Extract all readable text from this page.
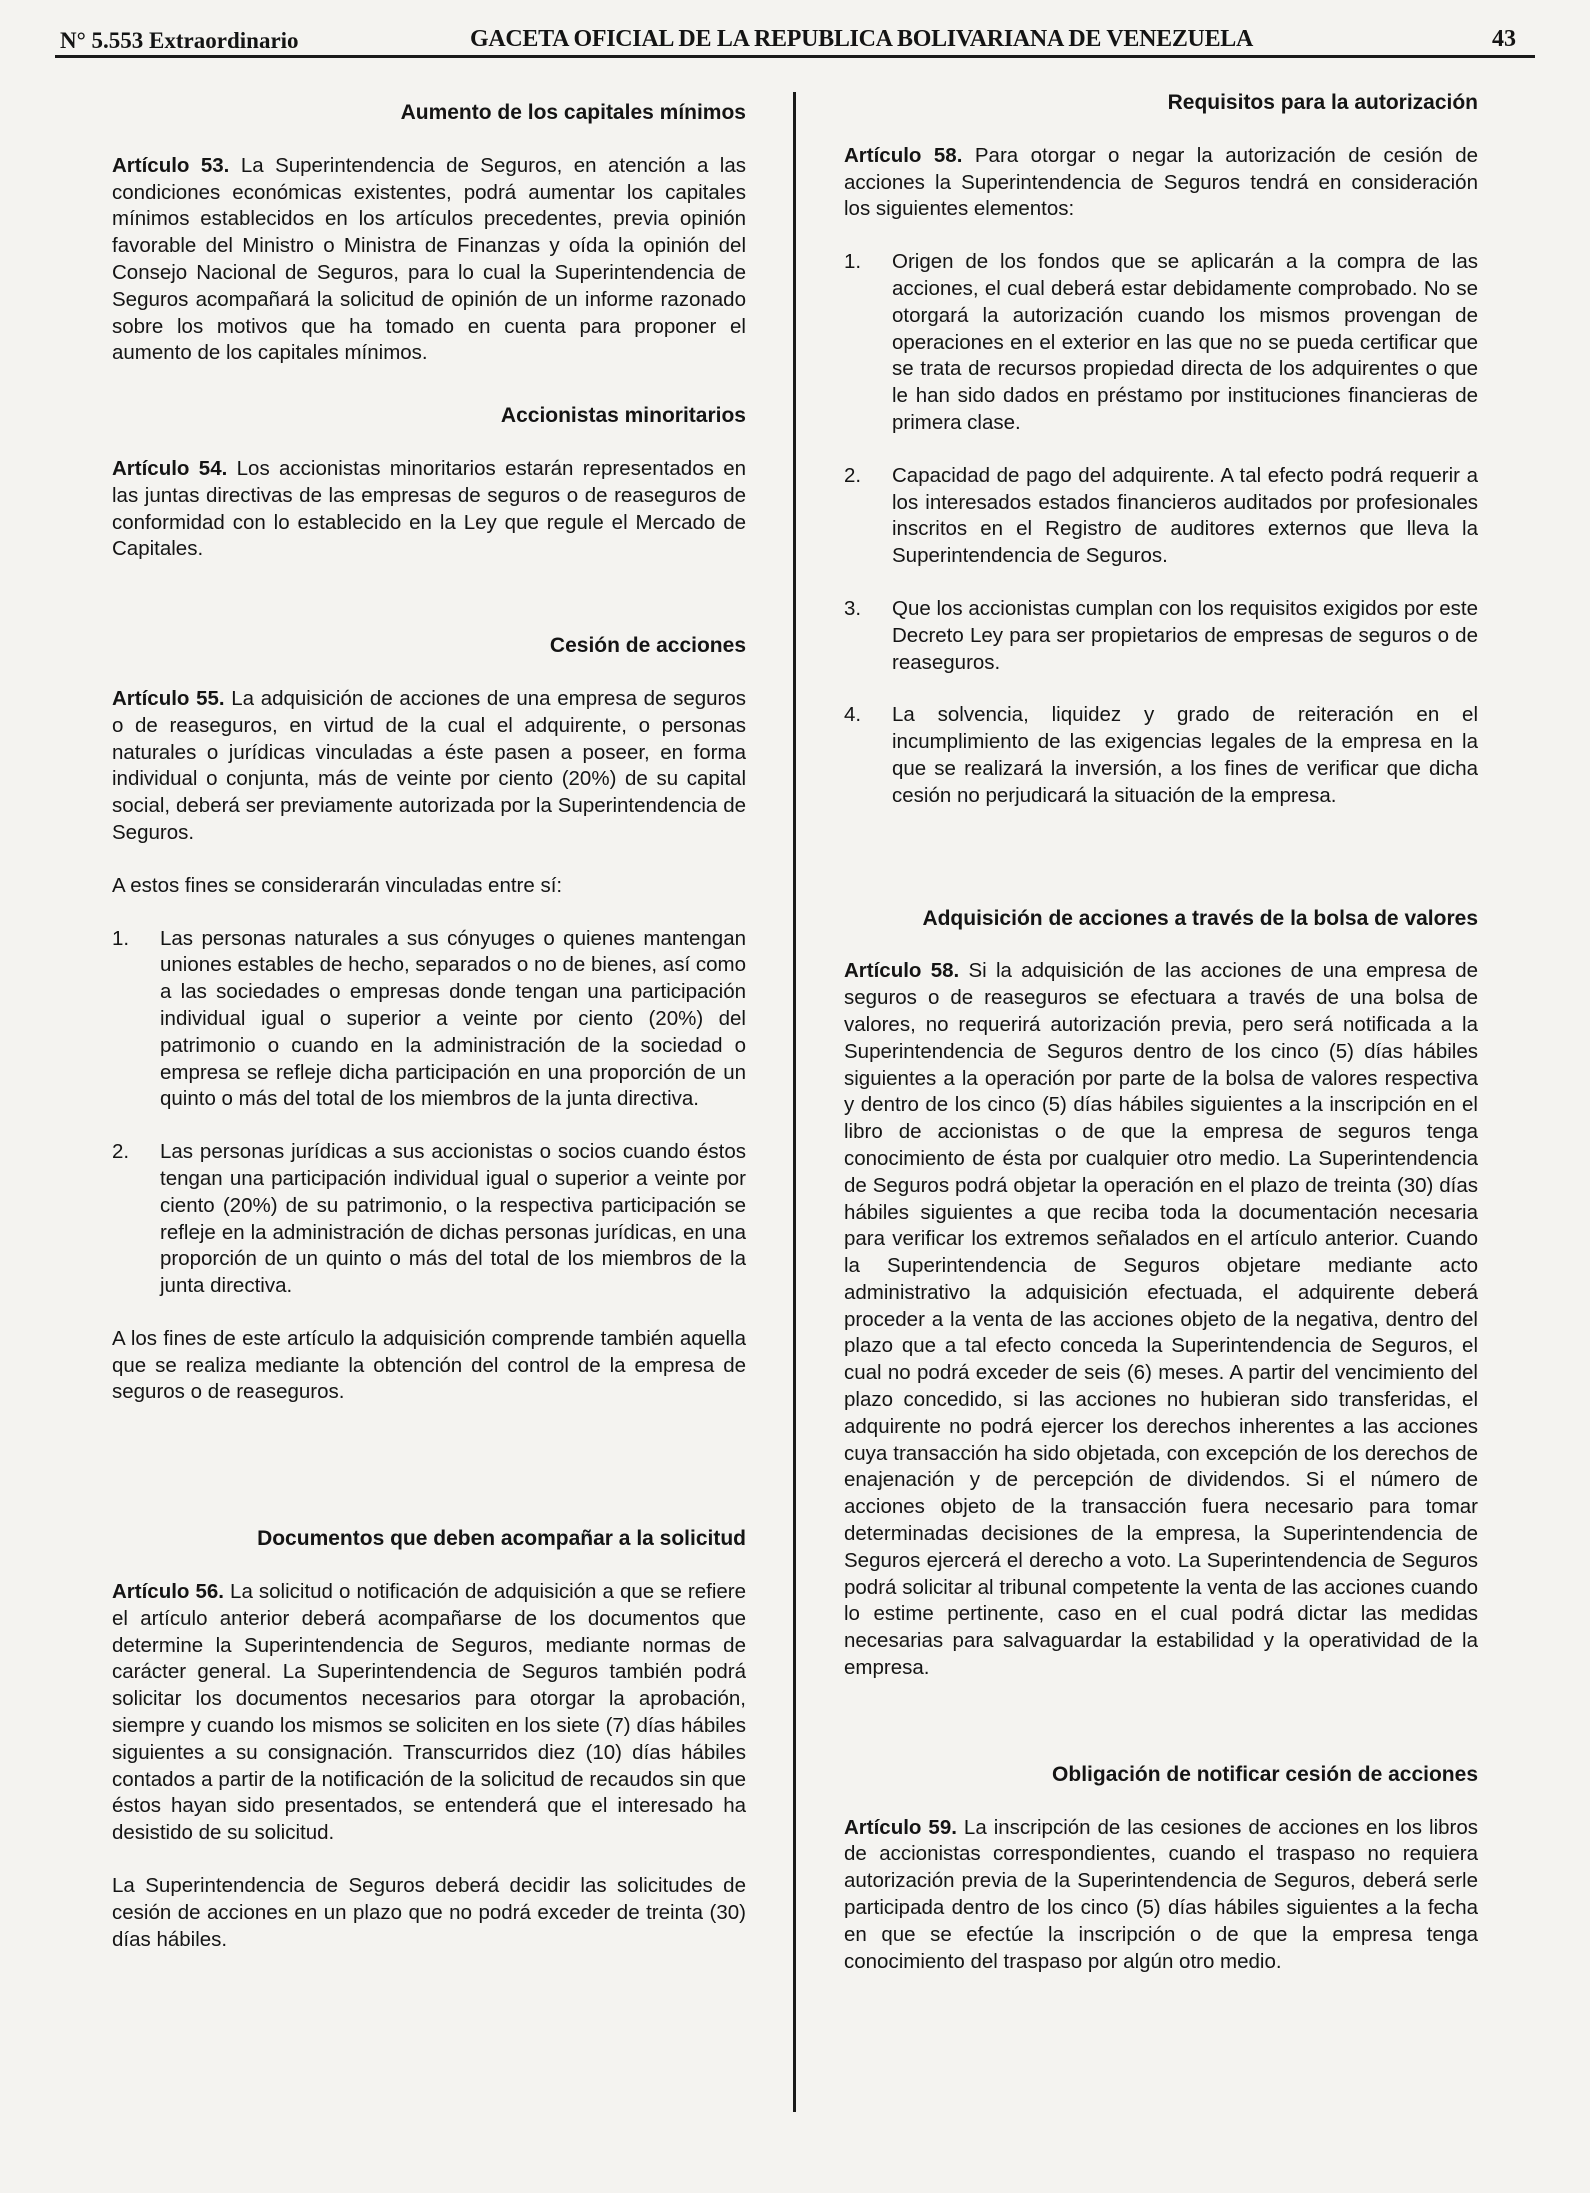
N° 5.553 Extraordinario	GACETA OFICIAL DE LA REPUBLICA BOLIVARIANA DE VENEZUELA	43
Aumento de los capitales mínimos

Artículo 53. La Superintendencia de Seguros, en atención a las condiciones económicas existentes, podrá aumentar los capitales mínimos establecidos en los artículos precedentes, previa opinión favorable del Ministro o Ministra de Finanzas y oída la opinión del Consejo Nacional de Seguros, para lo cual la Superintendencia de Seguros acompañará la solicitud de opinión de un informe razonado sobre los motivos que ha tomado en cuenta para proponer el aumento de los capitales mínimos.

Accionistas minoritarios

Artículo 54. Los accionistas minoritarios estarán representados en las juntas directivas de las empresas de seguros o de reaseguros de conformidad con lo establecido en la Ley que regule el Mercado de Capitales.

Cesión de acciones

Artículo 55. La adquisición de acciones de una empresa de seguros o de reaseguros, en virtud de la cual el adquirente, o personas naturales o jurídicas vinculadas a éste pasen a poseer, en forma individual o conjunta, más de veinte por ciento (20%) de su capital social, deberá ser previamente autorizada por la Superintendencia de Seguros.

A estos fines se considerarán vinculadas entre sí:

1.	Las personas naturales a sus cónyuges o quienes mantengan uniones estables de hecho, separados o no de bienes, así como a las sociedades o empresas donde tengan una participación individual igual o superior a veinte por ciento (20%) del patrimonio o cuando en la administración de la sociedad o empresa se refleje dicha participación en una proporción de un quinto o más del total de los miembros de la junta directiva.
2.	Las personas jurídicas a sus accionistas o socios cuando éstos tengan una participación individual igual o superior a veinte por ciento (20%) de su patrimonio, o la respectiva participación se refleje en la administración de dichas personas jurídicas, en una proporción de un quinto o más del total de los miembros de la junta directiva.

A los fines de este artículo la adquisición comprende también aquella que se realiza mediante la obtención del control de la empresa de seguros o de reaseguros.

Documentos que deben acompañar a la solicitud

Artículo 56. La solicitud o notificación de adquisición a que se refiere el artículo anterior deberá acompañarse de los documentos que determine la Superintendencia de Seguros, mediante normas de carácter general. La Superintendencia de Seguros también podrá solicitar los documentos necesarios para otorgar la aprobación, siempre y cuando los mismos se soliciten en los siete (7) días hábiles siguientes a su consignación. Transcurridos diez (10) días hábiles contados a partir de la notificación de la solicitud de recaudos sin que éstos hayan sido presentados, se entenderá que el interesado ha desistido de su solicitud.

La Superintendencia de Seguros deberá decidir las solicitudes de cesión de acciones en un plazo que no podrá exceder de treinta (30) días hábiles.

Requisitos para la autorización

Artículo 58. Para otorgar o negar la autorización de cesión de acciones la Superintendencia de Seguros tendrá en consideración los siguientes elementos:

1.	Origen de los fondos que se aplicarán a la compra de las acciones, el cual deberá estar debidamente comprobado. No se otorgará la autorización cuando los mismos provengan de operaciones en el exterior en las que no se pueda certificar que se trata de recursos propiedad directa de los adquirentes o que le han sido dados en préstamo por instituciones financieras de primera clase.
2.	Capacidad de pago del adquirente. A tal efecto podrá requerir a los interesados estados financieros auditados por profesionales inscritos en el Registro de auditores externos que lleva la Superintendencia de Seguros.
3.	Que los accionistas cumplan con los requisitos exigidos por este Decreto Ley para ser propietarios de empresas de seguros o de reaseguros.
4.	La solvencia, liquidez y grado de reiteración en el incumplimiento de las exigencias legales de la empresa en la que se realizará la inversión, a los fines de verificar que dicha cesión no perjudicará la situación de la empresa.
Adquisición de acciones a través de la bolsa de valores

Artículo 58. Si la adquisición de las acciones de una empresa de seguros o de reaseguros se efectuara a través de una bolsa de valores, no requerirá autorización previa, pero será notificada a la Superintendencia de Seguros dentro de los cinco (5) días hábiles siguientes a la operación por parte de la bolsa de valores respectiva y dentro de los cinco (5) días hábiles siguientes a la inscripción en el libro de accionistas o de que la empresa de seguros tenga conocimiento de ésta por cualquier otro medio. La Superintendencia de Seguros podrá objetar la operación en el plazo de treinta (30) días hábiles siguientes a que reciba toda la documentación necesaria para verificar los extremos señalados en el artículo anterior. Cuando la Superintendencia de Seguros objetare mediante acto administrativo la adquisición efectuada, el adquirente deberá proceder a la venta de las acciones objeto de la negativa, dentro del plazo que a tal efecto conceda la Superintendencia de Seguros, el cual no podrá exceder de seis (6) meses. A partir del vencimiento del plazo concedido, si las acciones no hubieran sido transferidas, el adquirente no podrá ejercer los derechos inherentes a las acciones cuya transacción ha sido objetada, con excepción de los derechos de enajenación y de percepción de dividendos. Si el número de acciones objeto de la transacción fuera necesario para tomar determinadas decisiones de la empresa, la Superintendencia de Seguros ejercerá el derecho a voto. La Superintendencia de Seguros podrá solicitar al tribunal competente la venta de las acciones cuando lo estime pertinente, caso en el cual podrá dictar las medidas necesarias para salvaguardar la estabilidad y la operatividad de la empresa.

Obligación de notificar cesión de acciones

Artículo 59. La inscripción de las cesiones de acciones en los libros de accionistas correspondientes, cuando el traspaso no requiera autorización previa de la Superintendencia de Seguros, deberá serle participada dentro de los cinco (5) días hábiles siguientes a la fecha en que se efectúe la inscripción o de que la empresa tenga conocimiento del traspaso por algún otro medio.
